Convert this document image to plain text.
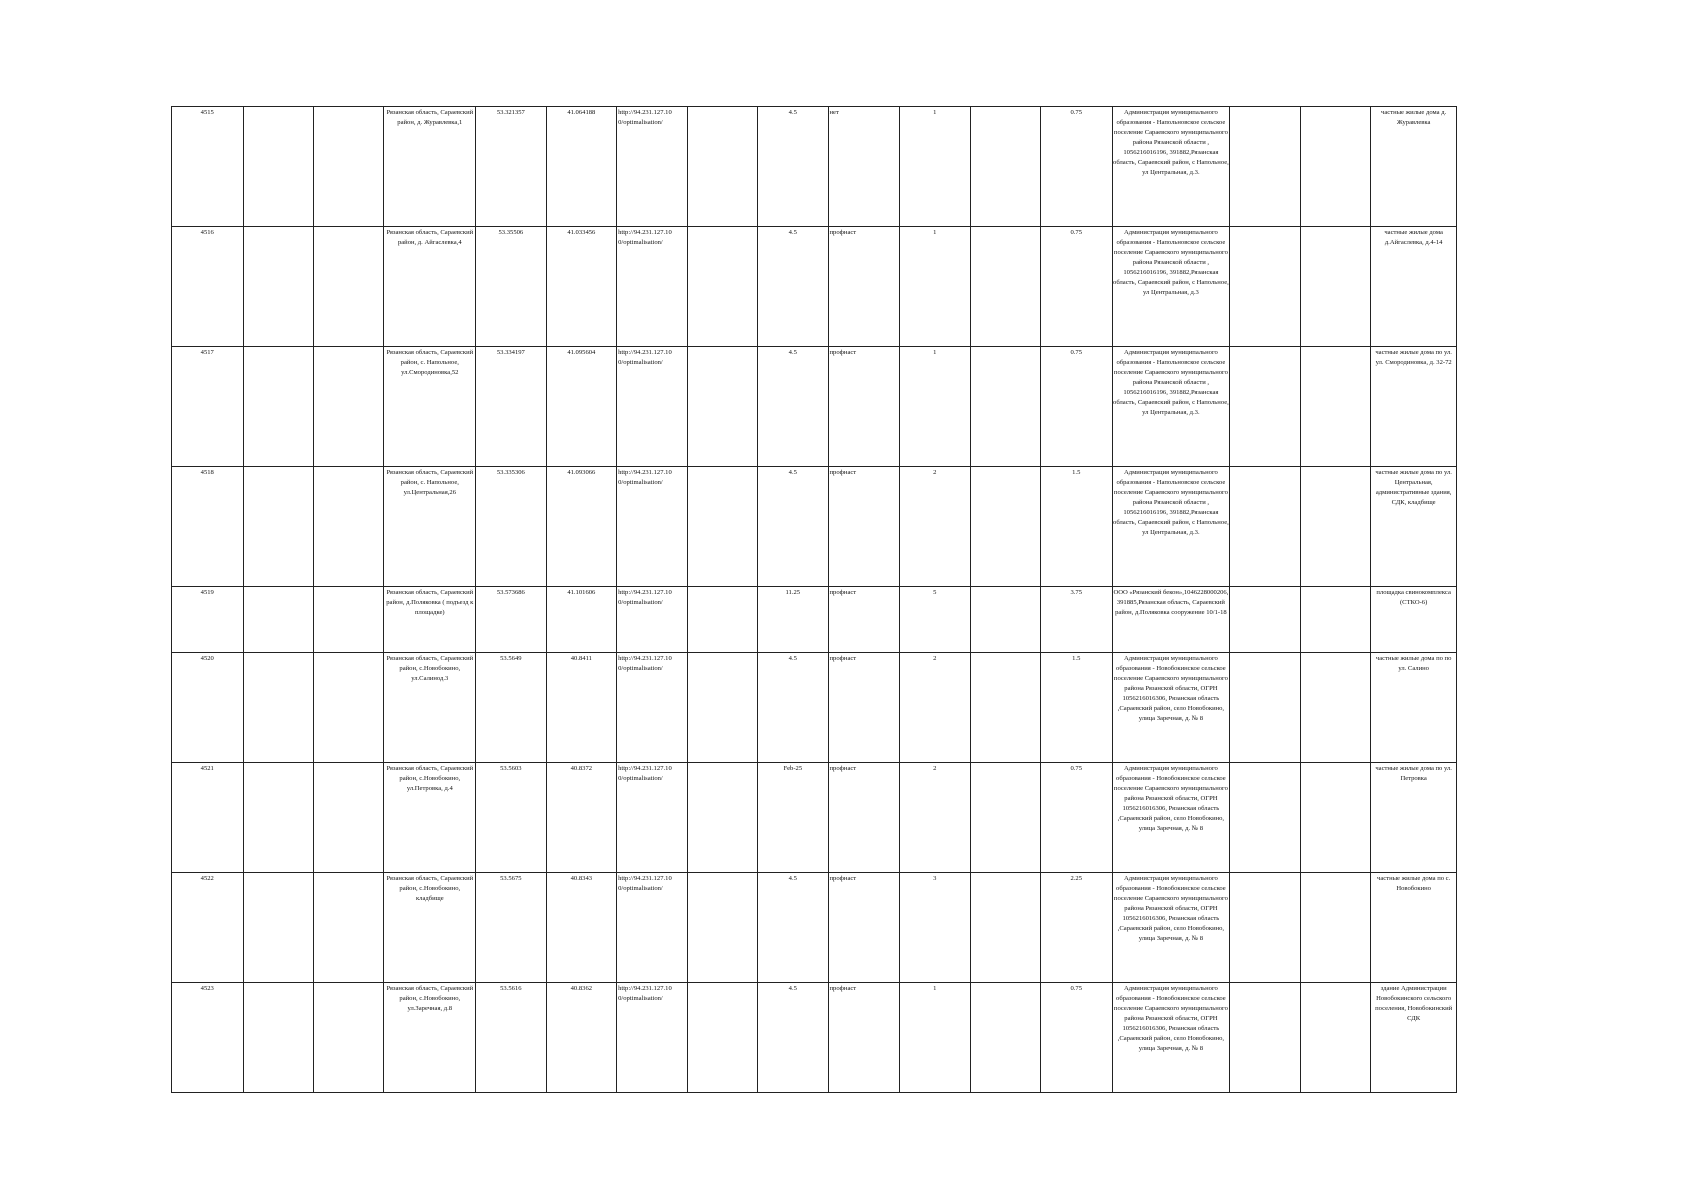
4515			Рязанская область, Сараевский район, д. Журавлевка,1	53.321357	41.064188	http://94.231.127.10 0/optimalisation/		4.5	нет	1		0.75	Администрация муниципального образования - Напольновское сельское поселение Сараевского муниципального района Рязанской области , 1056216016196, 391882,Рязанская область, Сараевский район, с Напольное, ул Центральная, д.3.			частные жилые дома д. Журавлевка
4516			Рязанская область, Сараевский район, д. Айгаслевка,4	53.35506	41.033456	http://94.231.127.10 0/optimalisation/		4.5	профнаст	1		0.75	Администрация муниципального образования - Напольновское сельское поселение Сараевского муниципального района Рязанской области , 1056216016196, 391882,Рязанская область, Сараевский район, с Напольное, ул Центральная, д.3			частные жилые дома д.Айгаслевка, д.4-14
4517			Рязанская область, Сараевский район, с. Напольное, ул.Смородиновка,52	53.334197	41.095604	http://94.231.127.10 0/optimalisation/		4.5	профнаст	1		0.75	Администрация муниципального образования - Напольновское сельское поселение Сараевского муниципального района Рязанской области , 1056216016196, 391882,Рязанская область, Сараевский район, с Напольное, ул Центральная, д.3.			частные жилые дома по ул. ул. Смородиновка, д. 32-72
4518			Рязанская область, Сараевский район, с. Напольное, ул.Центральная,26	53.335306	41.093066	http://94.231.127.10 0/optimalisation/		4.5	профнаст	2		1.5	Администрация муниципального образования - Напольновское сельское поселение Сараевского муниципального района Рязанской области , 1056216016196, 391882,Рязанская область, Сараевский район, с Напольное, ул Центральная, д.3.			частные жилые дома по ул. Центральная, административные здания, СДК, кладбище
4519			Рязанская область, Сараевский район, д.Поляковка ( подъезд к площадке)	53.573686	41.101606	http://94.231.127.10 0/optimalisation/		11.25	профнаст	5		3.75	ООО «Рязанский бекон»,1046228000206, 391885,Рязанская область, Сараевский район, д.Поляковка сооружение 10/1-18			площадка свинокомплекса (СТКО-6)
4520			Рязанская область, Сараевский район, с.Новобокино, ул.Салинод.3	53.5649	40.8411	http://94.231.127.10 0/optimalisation/		4.5	профнаст	2		1.5	Администрация муниципального образования - Новобокинское сельское поселение Сараевского муниципального района Рязанской области, ОГРН 1056216016306, Рязанская область ,Сараевский район, село Новобокино, улица Заречная, д. № 8			частные жилые дома по по ул. Салино
4521			Рязанская область, Сараевский район, с.Новобокино, ул.Петровка, д.4	53.5603	40.8372	http://94.231.127.10 0/optimalisation/		Feb-25	профнаст	2		0.75	Администрация муниципального образования - Новобокинское сельское поселение Сараевского муниципального района Рязанской области, ОГРН 1056216016306, Рязанская область ,Сараевский район, село Новобокино, улица Заречная, д. № 8			частные жилые дома по ул. Петровка
4522			Рязанская область, Сараевский район, с.Новобокино, кладбище	53.5675	40.8343	http://94.231.127.10 0/optimalisation/		4.5	профнаст	3		2.25	Администрация муниципального образования - Новобокинское сельское поселение Сараевского муниципального района Рязанской области, ОГРН 1056216016306, Рязанская область ,Сараевский район, село Новобокино, улица Заречная, д. № 8			частные жилые дома по с. Новобокино
4523			Рязанская область, Сараевский район, с.Новобокино, ул.Заречная, д.8	53.5616	40.8362	http://94.231.127.10 0/optimalisation/		4.5	профнаст	1		0.75	Администрация муниципального образования - Новобокинское сельское поселение Сараевского муниципального района Рязанской области, ОГРН 1056216016306, Рязанская область ,Сараевский район, село Новобокино, улица Заречная, д. № 8			здание Администрации Новобокинского сельского поселения, Новобокинский СДК
